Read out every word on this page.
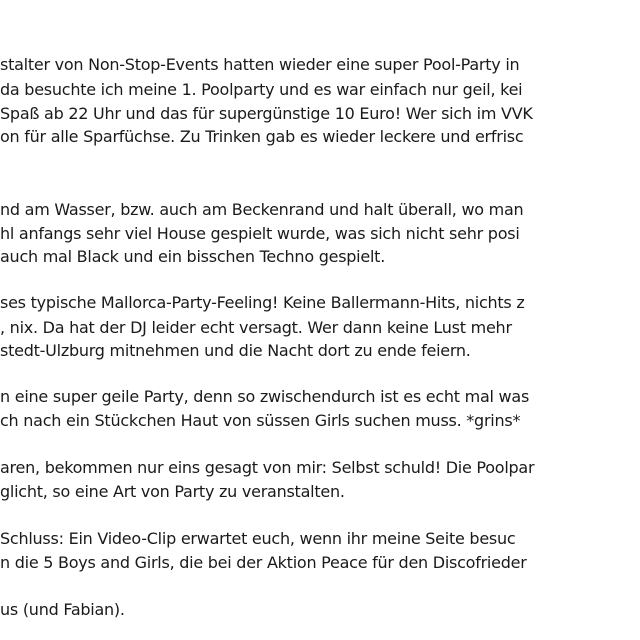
stalter von Non-Stop-Events hatten wieder eine super Pool-Party in
da besuchte ich meine 1. Poolparty und es war einfach nur geil, kei
Spaß ab 22 Uhr und das für supergünstige 10 Euro! Wer sich im VVK
on für alle Sparfüchse. Zu Trinken gab es wieder leckere und erfrisc
nd am Wasser, bzw. auch am Beckenrand und halt überall, wo man
hl anfangs sehr viel House gespielt wurde, was sich nicht sehr posi
auch mal Black und ein bisschen Techno gespielt.
ses typische Mallorca-Party-Feeling! Keine Ballermann-Hits, nichts z
, nix. Da hat der DJ leider echt versagt. Wer dann keine Lust mehr
stedt-Ulzburg mitnehmen und die Nacht dort zu ende feiern.
n eine super geile Party, denn so zwischendurch ist es echt mal was
ch nach ein Stückchen Haut von süssen Girls suchen muss. *grins*
aren, bekommen nur eins gesagt von mir: Selbst schuld! Die Poolpar
glicht, so eine Art von Party zu veranstalten.
Schluss: Ein Video-Clip erwartet euch, wenn ihr meine Seite besuc
n die 5 Boys and Girls, die bei der Aktion Peace für den Discofrieder
us (und Fabian).
